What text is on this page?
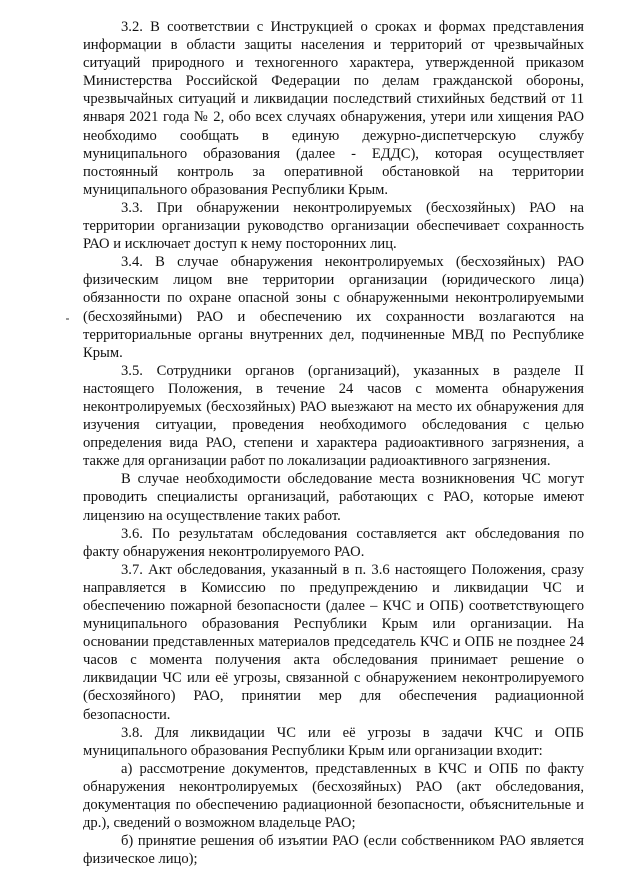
3.2. В соответствии с Инструкцией о сроках и формах представления информации в области защиты населения и территорий от чрезвычайных ситуаций природного и техногенного характера, утвержденной приказом Министерства Российской Федерации по делам гражданской обороны, чрезвычайных ситуаций и ликвидации последствий стихийных бедствий от 11 января 2021 года № 2, обо всех случаях обнаружения, утери или хищения РАО необходимо сообщать в единую дежурно-диспетчерскую службу муниципального образования (далее - ЕДДС), которая осуществляет постоянный контроль за оперативной обстановкой на территории муниципального образования Республики Крым.

3.3. При обнаружении неконтролируемых (бесхозяйных) РАО на территории организации руководство организации обеспечивает сохранность РАО и исключает доступ к нему посторонних лиц.

3.4. В случае обнаружения неконтролируемых (бесхозяйных) РАО физическим лицом вне территории организации (юридического лица) обязанности по охране опасной зоны с обнаруженными неконтролируемыми (бесхозяйными) РАО и обеспечению их сохранности возлагаются на территориальные органы внутренних дел, подчиненные МВД по Республике Крым.

3.5. Сотрудники органов (организаций), указанных в разделе II настоящего Положения, в течение 24 часов с момента обнаружения неконтролируемых (бесхозяйных) РАО выезжают на место их обнаружения для изучения ситуации, проведения необходимого обследования с целью определения вида РАО, степени и характера радиоактивного загрязнения, а также для организации работ по локализации радиоактивного загрязнения.

В случае необходимости обследование места возникновения ЧС могут проводить специалисты организаций, работающих с РАО, которые имеют лицензию на осуществление таких работ.

3.6. По результатам обследования составляется акт обследования по факту обнаружения неконтролируемого РАО.

3.7. Акт обследования, указанный в п. 3.6 настоящего Положения, сразу направляется в Комиссию по предупреждению и ликвидации ЧС и обеспечению пожарной безопасности (далее – КЧС и ОПБ) соответствующего муниципального образования Республики Крым или организации. На основании представленных материалов председатель КЧС и ОПБ не позднее 24 часов с момента получения акта обследования принимает решение о ликвидации ЧС или её угрозы, связанной с обнаружением неконтролируемого (бесхозяйного) РАО, принятии мер для обеспечения радиационной безопасности.

3.8. Для ликвидации ЧС или её угрозы в задачи КЧС и ОПБ муниципального образования Республики Крым или организации входит:

а) рассмотрение документов, представленных в КЧС и ОПБ по факту обнаружения неконтролируемых (бесхозяйных) РАО (акт обследования, документация по обеспечению радиационной безопасности, объяснительные и др.), сведений о возможном владельце РАО;

б) принятие решения об изъятии РАО (если собственником РАО является физическое лицо);
